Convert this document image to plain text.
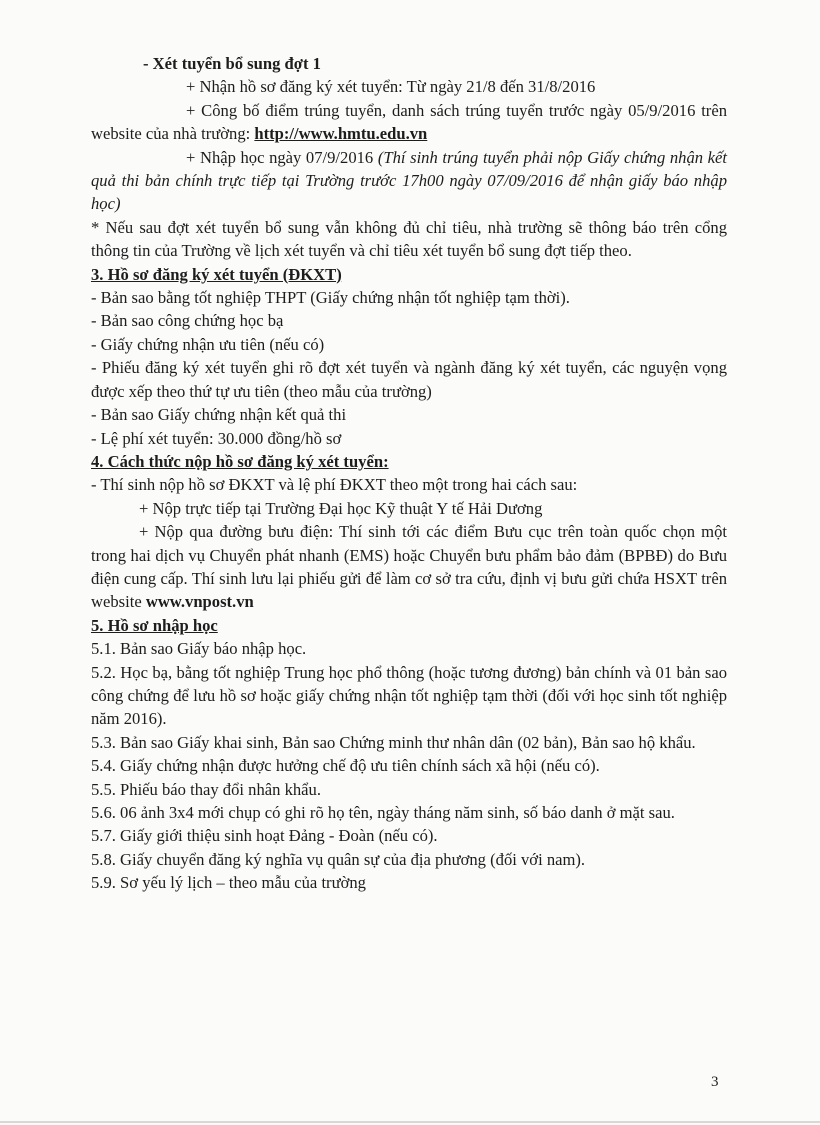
- Xét tuyển bổ sung đợt 1

+ Nhận hồ sơ đăng ký xét tuyển: Từ ngày 21/8 đến 31/8/2016

+ Công bố điểm trúng tuyển, danh sách trúng tuyển trước ngày 05/9/2016 trên website của nhà trường: http://www.hmtu.edu.vn

+ Nhập học ngày 07/9/2016 (Thí sinh trúng tuyển phải nộp Giấy chứng nhận kết quả thi bản chính trực tiếp tại Trường trước 17h00 ngày 07/09/2016 để nhận giấy báo nhập học)

* Nếu sau đợt xét tuyển bổ sung vẫn không đủ chỉ tiêu, nhà trường sẽ thông báo trên cổng thông tin của Trường về lịch xét tuyển và chỉ tiêu xét tuyển bổ sung đợt tiếp theo.

3. Hồ sơ đăng ký xét tuyển (ĐKXT)

- Bản sao bằng tốt nghiệp THPT (Giấy chứng nhận tốt nghiệp tạm thời).

- Bản sao công chứng học bạ

- Giấy chứng nhận ưu tiên (nếu có)

- Phiếu đăng ký xét tuyển ghi rõ đợt xét tuyển và ngành đăng ký xét tuyển, các nguyện vọng được xếp theo thứ tự ưu tiên (theo mẫu của trường)

- Bản sao Giấy chứng nhận kết quả thi

- Lệ phí xét tuyển: 30.000 đồng/hồ sơ

4. Cách thức nộp hồ sơ đăng ký xét tuyển:

- Thí sinh nộp hồ sơ ĐKXT và lệ phí ĐKXT theo một trong hai cách sau:

+ Nộp trực tiếp tại Trường Đại học Kỹ thuật Y tế Hải Dương

+ Nộp qua đường bưu điện: Thí sinh tới các điểm Bưu cục trên toàn quốc chọn một trong hai dịch vụ Chuyển phát nhanh (EMS) hoặc Chuyển bưu phẩm bảo đảm (BPBĐ) do Bưu điện cung cấp. Thí sinh lưu lại phiếu gửi để làm cơ sở tra cứu, định vị bưu gửi chứa HSXT trên website www.vnpost.vn

5. Hồ sơ nhập học

5.1. Bản sao Giấy báo nhập học.

5.2. Học bạ, bằng tốt nghiệp Trung học phổ thông (hoặc tương đương) bản chính và 01 bản sao công chứng để lưu hồ sơ hoặc giấy chứng nhận tốt nghiệp tạm thời (đối với học sinh tốt nghiệp năm 2016).

5.3. Bản sao Giấy khai sinh, Bản sao Chứng minh thư nhân dân (02 bản), Bản sao hộ khẩu.

5.4. Giấy chứng nhận được hưởng chế độ ưu tiên chính sách xã hội (nếu có).

5.5. Phiếu báo thay đổi nhân khẩu.

5.6. 06 ảnh 3x4 mới chụp có ghi rõ họ tên, ngày tháng năm sinh, số báo danh ở mặt sau.

5.7. Giấy giới thiệu sinh hoạt Đảng - Đoàn (nếu có).

5.8. Giấy chuyển đăng ký nghĩa vụ quân sự của địa phương (đối với nam).

5.9. Sơ yếu lý lịch – theo mẫu của trường

3
